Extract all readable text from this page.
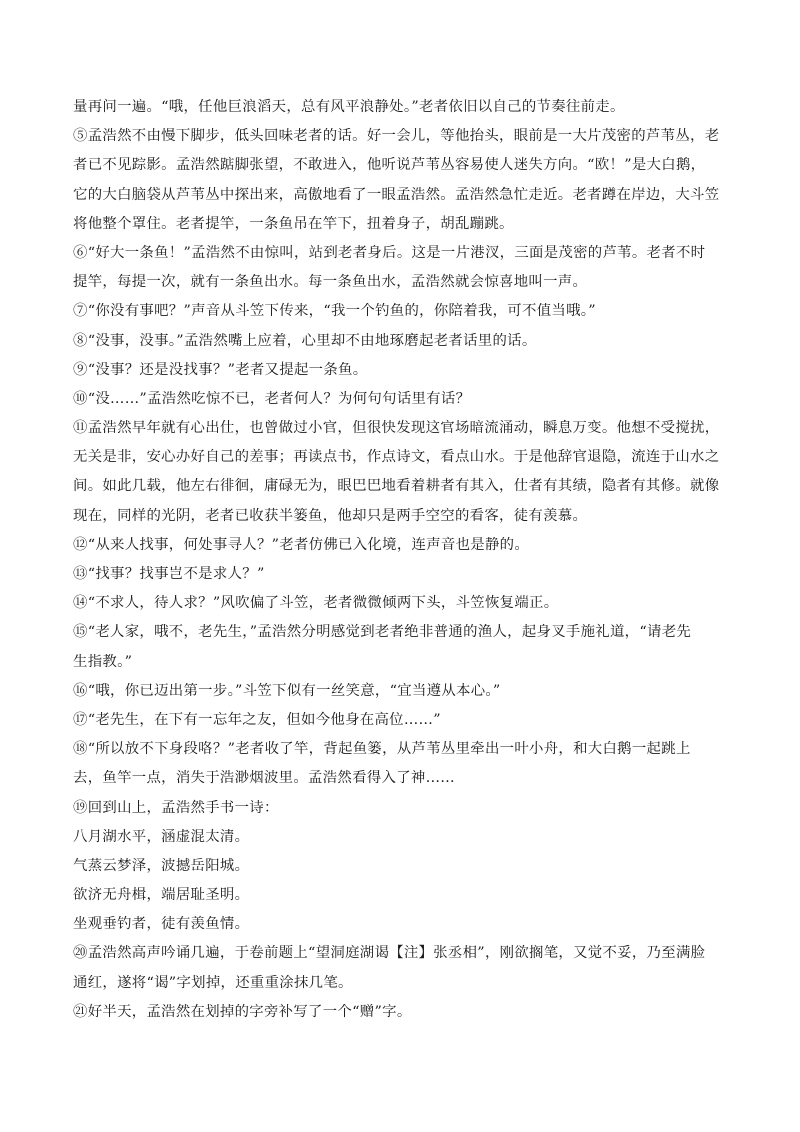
量再问一遍。“哦，任他巨浪滔天，总有风平浪静处。”老者依旧以自己的节奏往前走。
⑤孟浩然不由慢下脚步，低头回味老者的话。好一会儿，等他抬头，眼前是一大片茂密的芦苇丛，老
者已不见踪影。孟浩然踮脚张望，不敢进入，他听说芦苇丛容易使人迷失方向。“欧！”是大白鹅，
它的大白脑袋从芦苇丛中探出来，高傲地看了一眼孟浩然。孟浩然急忙走近。老者蹲在岸边，大斗笠
将他整个罩住。老者提竿，一条鱼吊在竿下，扭着身子，胡乱蹦跳。
⑥“好大一条鱼！”孟浩然不由惊叫，站到老者身后。这是一片港汊，三面是茂密的芦苇。老者不时
提竿，每提一次，就有一条鱼出水。每一条鱼出水，孟浩然就会惊喜地叫一声。
⑦“你没有事吧？”声音从斗笠下传来，“我一个钓鱼的，你陪着我，可不值当哦。”
⑧“没事，没事。”孟浩然嘴上应着，心里却不由地琢磨起老者话里的话。
⑨“没事？还是没找事？”老者又提起一条鱼。
⑩“没……”孟浩然吃惊不已，老者何人？为何句句话里有话？
⑪孟浩然早年就有心出仕，也曾做过小官，但很快发现这官场暗流涌动，瞬息万变。他想不受搅扰，
无关是非，安心办好自己的差事；再读点书，作点诗文，看点山水。于是他辞官退隐，流连于山水之
间。如此几载，他左右徘徊，庸碌无为，眼巴巴地看着耕者有其入，仕者有其绩，隐者有其修。就像
现在，同样的光阴，老者已收获半篓鱼，他却只是两手空空的看客，徒有羡慕。
⑫“从来人找事，何处事寻人？”老者仿佛已入化境，连声音也是静的。
⑬“找事？找事岂不是求人？”
⑭“不求人，待人求？”风吹偏了斗笠，老者微微倾两下头，斗笠恢复端正。
⑮“老人家，哦不，老先生，”孟浩然分明感觉到老者绝非普通的渔人，起身叉手施礼道，“请老先
生指教。”
⑯“哦，你已迈出第一步。”斗笠下似有一丝笑意，“宜当遵从本心。”
⑰“老先生，在下有一忘年之友，但如今他身在高位……”
⑱“所以放不下身段咯？”老者收了竿，背起鱼篓，从芦苇丛里牵出一叶小舟，和大白鹅一起跳上
去，鱼竿一点，消失于浩渺烟波里。孟浩然看得入了神……
⑲回到山上，孟浩然手书一诗：
八月湖水平，涵虚混太清。
气蒸云梦泽，波撼岳阳城。
欲济无舟楫，端居耻圣明。
坐观垂钓者，徒有羡鱼情。
⑳孟浩然高声吟诵几遍，于卷前题上“望洞庭湖谒【注】张丞相”，刚欲搁笔，又觉不妥，乃至满脸
通红，遂将“谒”字划掉，还重重涂抹几笔。
㉑好半天，孟浩然在划掉的字旁补写了一个“赠”字。
